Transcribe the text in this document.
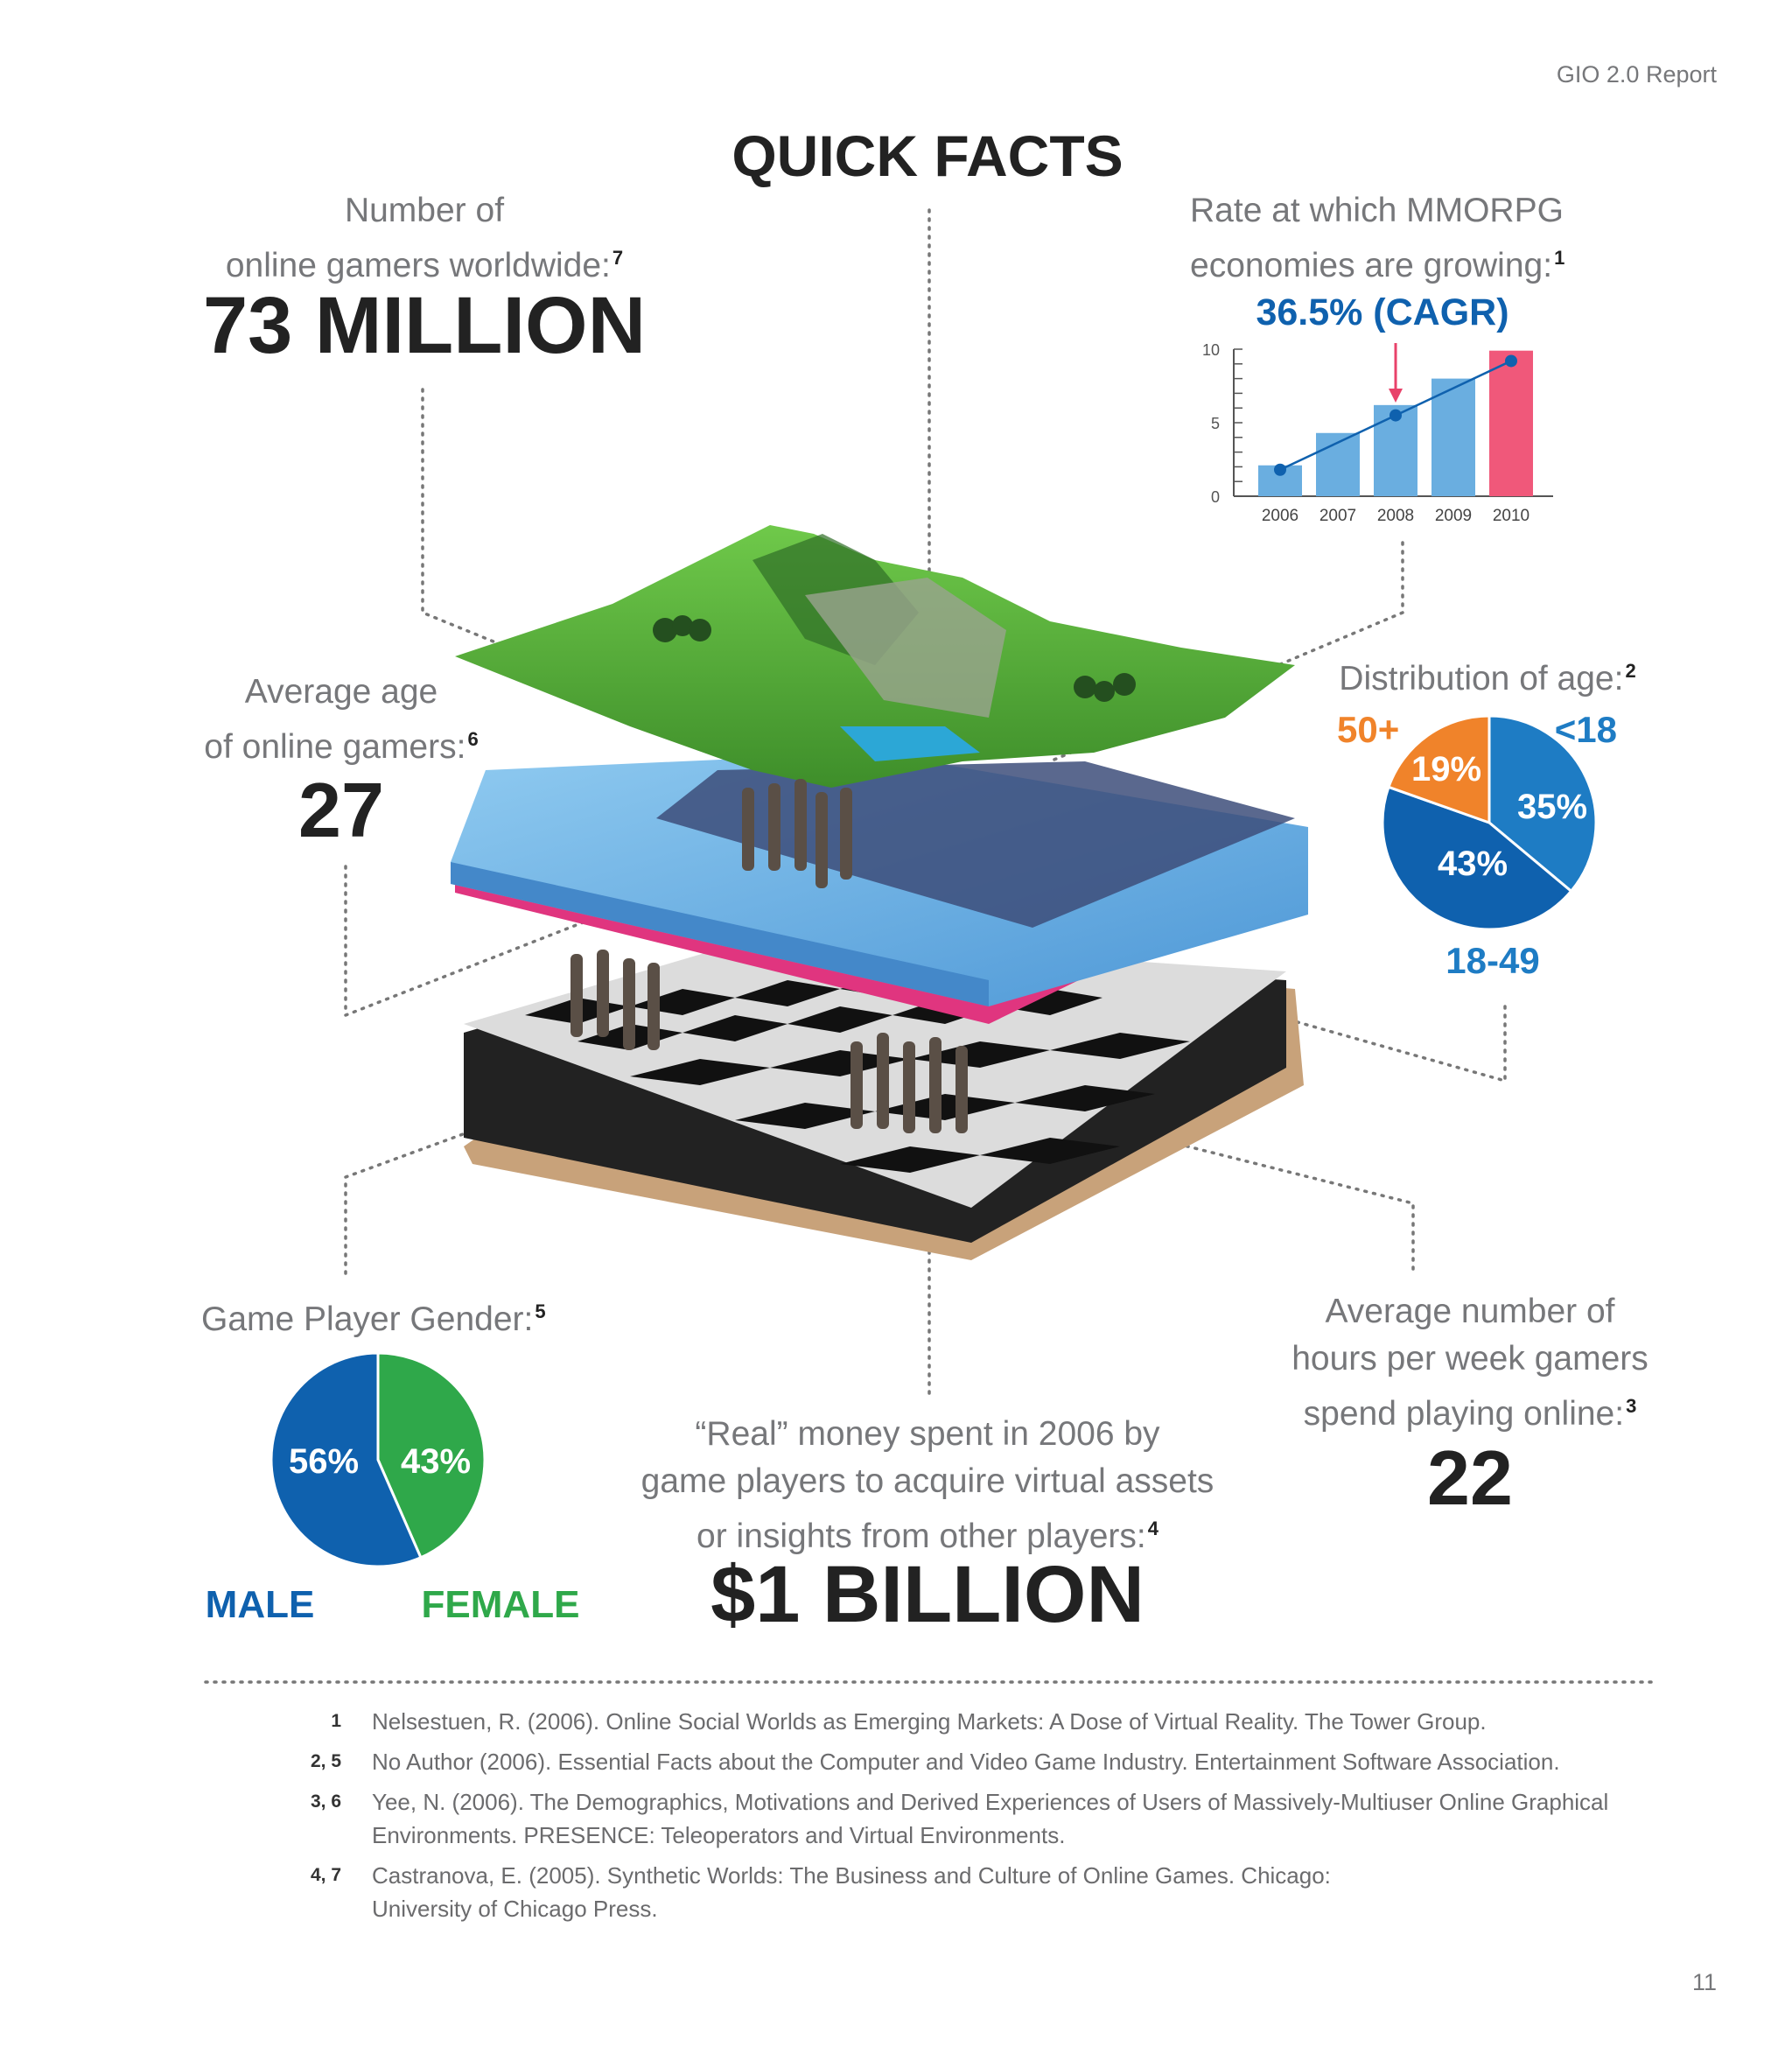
0
5
10
2006 2007 2008 2009 2010
35%
<18
43%
18-49
19%
50+
43%
56%
FEMALE
MALE
GIO 2.0 Report
QUICK FACTS
Number of
online gamers worldwide:$^7$
73 MILLION
Rate at which MMORPG
economies are growing:$^1$
36.5% (CAGR)
Average age
of online gamers:$^6$
27
Distribution of age:$^2$
Game Player Gender:$^5$
“Real” money spent in 2006 by
game players to acquire virtual assets
or insights from other players:$^4$
$1 BILLION
Average number of
hours per week gamers
spend playing online:$^3$
22
1 Nelsestuen, R. (2006). Online Social Worlds as Emerging Markets: A Dose of Virtual Reality. The Tower Group.
2, 5 No Author (2006). Essential Facts about the Computer and Video Game Industry. Entertainment Software Association.
3, 6 Yee, N. (2006). The Demographics, Motivations and Derived Experiences of Users of Massively-Multiuser Online Graphical Environments. PRESENCE: Teleoperators and Virtual Environments.
4, 7 Castranova, E. (2005). Synthetic Worlds: The Business and Culture of Online Games. Chicago: University of Chicago Press.
11
